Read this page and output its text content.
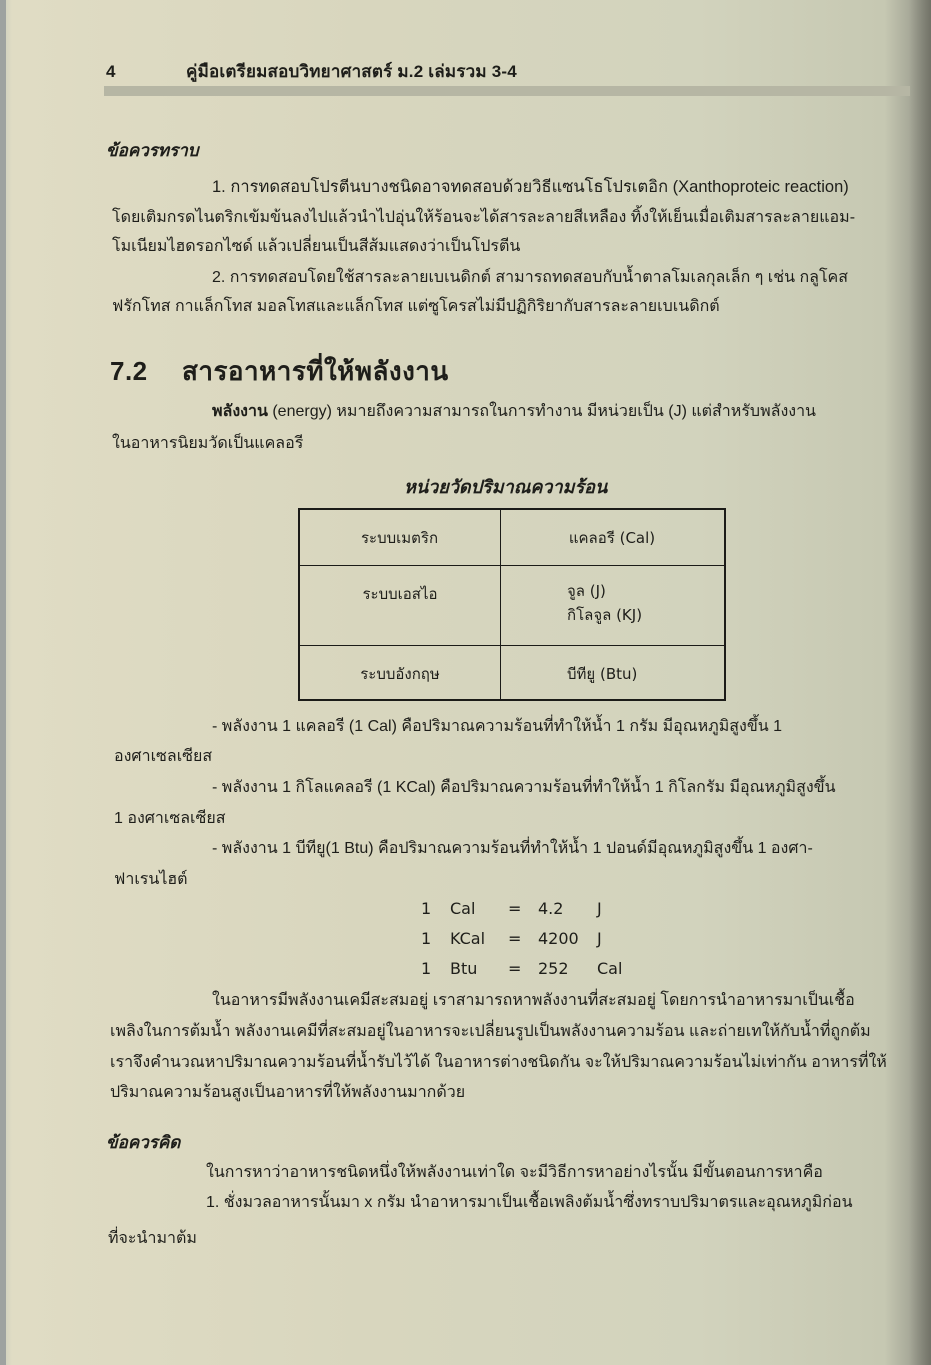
4	คู่มือเตรียมสอบวิทยาศาสตร์ ม.2 เล่มรวม 3-4
ข้อควรทราบ
1. การทดสอบโปรตีนบางชนิดอาจทดสอบด้วยวิธีแซนโธโปรเตอิก (Xanthoproteic reaction)
โดยเติมกรดไนตริกเข้มข้นลงไปแล้วนำไปอุ่นให้ร้อนจะได้สารละลายสีเหลือง ทิ้งให้เย็นเมื่อเติมสารละลายแอม-
โมเนียมไฮดรอกไซด์ แล้วเปลี่ยนเป็นสีส้มแสดงว่าเป็นโปรตีน
2. การทดสอบโดยใช้สารละลายเบเนดิกต์ สามารถทดสอบกับน้ำตาลโมเลกุลเล็ก ๆ เช่น กลูโคส
ฟรักโทส กาแล็กโทส มอลโทสและแล็กโทส แต่ซูโครสไม่มีปฏิกิริยากับสารละลายเบเนดิกต์
7.2 สารอาหารที่ให้พลังงาน
พลังงาน (energy) หมายถึงความสามารถในการทำงาน มีหน่วยเป็น (J) แต่สำหรับพลังงาน
ในอาหารนิยมวัดเป็นแคลอรี
หน่วยวัดปริมาณความร้อน
ระบบเมตริก	แคลอรี (Cal)
ระบบเอสไอ	จูล (J)
กิโลจูล (KJ)

ระบบอังกฤษ	บีทียู (Btu)
- พลังงาน 1 แคลอรี (1 Cal) คือปริมาณความร้อนที่ทำให้น้ำ 1 กรัม มีอุณหภูมิสูงขึ้น 1
องศาเซลเซียส
- พลังงาน 1 กิโลแคลอรี (1 KCal) คือปริมาณความร้อนที่ทำให้น้ำ 1 กิโลกรัม มีอุณหภูมิสูงขึ้น
1 องศาเซลเซียส
- พลังงาน 1 บีทียู(1 Btu) คือปริมาณความร้อนที่ทำให้น้ำ 1 ปอนด์มีอุณหภูมิสูงขึ้น 1 องศา-
ฟาเรนไฮต์
1 Cal = 4.2 J
1 KCal = 4200 J
1 Btu = 252 Cal
ในอาหารมีพลังงานเคมีสะสมอยู่ เราสามารถหาพลังงานที่สะสมอยู่ โดยการนำอาหารมาเป็นเชื้อ
เพลิงในการต้มน้ำ พลังงานเคมีที่สะสมอยู่ในอาหารจะเปลี่ยนรูปเป็นพลังงานความร้อน และถ่ายเทให้กับน้ำที่ถูกต้ม
เราจึงคำนวณหาปริมาณความร้อนที่น้ำรับไว้ได้ ในอาหารต่างชนิดกัน จะให้ปริมาณความร้อนไม่เท่ากัน อาหารที่ให้
ปริมาณความร้อนสูงเป็นอาหารที่ให้พลังงานมากด้วย
ข้อควรคิด
ในการหาว่าอาหารชนิดหนึ่งให้พลังงานเท่าใด จะมีวิธีการหาอย่างไรนั้น มีขั้นตอนการหาคือ
1. ชั่งมวลอาหารนั้นมา x กรัม นำอาหารมาเป็นเชื้อเพลิงต้มน้ำซึ่งทราบปริมาตรและอุณหภูมิก่อน
ที่จะนำมาต้ม
